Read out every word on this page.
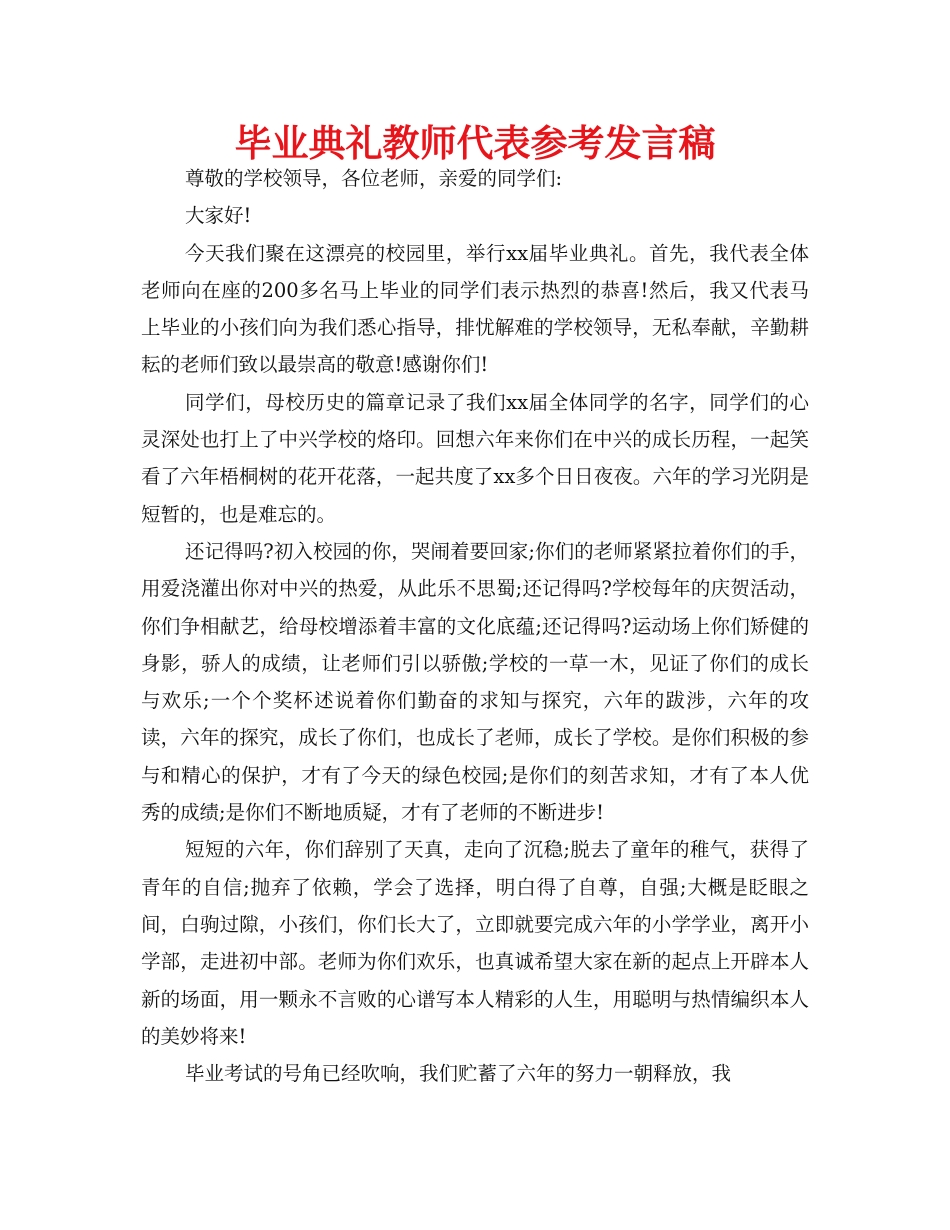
毕业典礼教师代表参考发言稿

尊敬的学校领导，各位老师，亲爱的同学们:

大家好!

今天我们聚在这漂亮的校园里，举行xx届毕业典礼。首先，我代表全体老师向在座的200多名马上毕业的同学们表示热烈的恭喜!然后，我又代表马上毕业的小孩们向为我们悉心指导，排忧解难的学校领导，无私奉献，辛勤耕耘的老师们致以最崇高的敬意!感谢你们!

同学们，母校历史的篇章记录了我们xx届全体同学的名字，同学们的心灵深处也打上了中兴学校的烙印。回想六年来你们在中兴的成长历程，一起笑看了六年梧桐树的花开花落，一起共度了xx多个日日夜夜。六年的学习光阴是短暂的，也是难忘的。

还记得吗?初入校园的你，哭闹着要回家;你们的老师紧紧拉着你们的手，用爱浇灌出你对中兴的热爱，从此乐不思蜀;还记得吗?学校每年的庆贺活动，你们争相献艺，给母校增添着丰富的文化底蕴;还记得吗?运动场上你们矫健的身影，骄人的成绩，让老师们引以骄傲;学校的一草一木，见证了你们的成长与欢乐;一个个奖杯述说着你们勤奋的求知与探究，六年的跋涉，六年的攻读，六年的探究，成长了你们，也成长了老师，成长了学校。是你们积极的参与和精心的保护，才有了今天的绿色校园;是你们的刻苦求知，才有了本人优秀的成绩;是你们不断地质疑，才有了老师的不断进步!

短短的六年，你们辞别了天真，走向了沉稳;脱去了童年的稚气，获得了青年的自信;抛弃了依赖，学会了选择，明白得了自尊，自强;大概是眨眼之间，白驹过隙，小孩们，你们长大了，立即就要完成六年的小学学业，离开小学部，走进初中部。老师为你们欢乐，也真诚希望大家在新的起点上开辟本人新的场面，用一颗永不言败的心谱写本人精彩的人生，用聪明与热情编织本人的美妙将来!

毕业考试的号角已经吹响，我们贮蓄了六年的努力一朝释放，我
